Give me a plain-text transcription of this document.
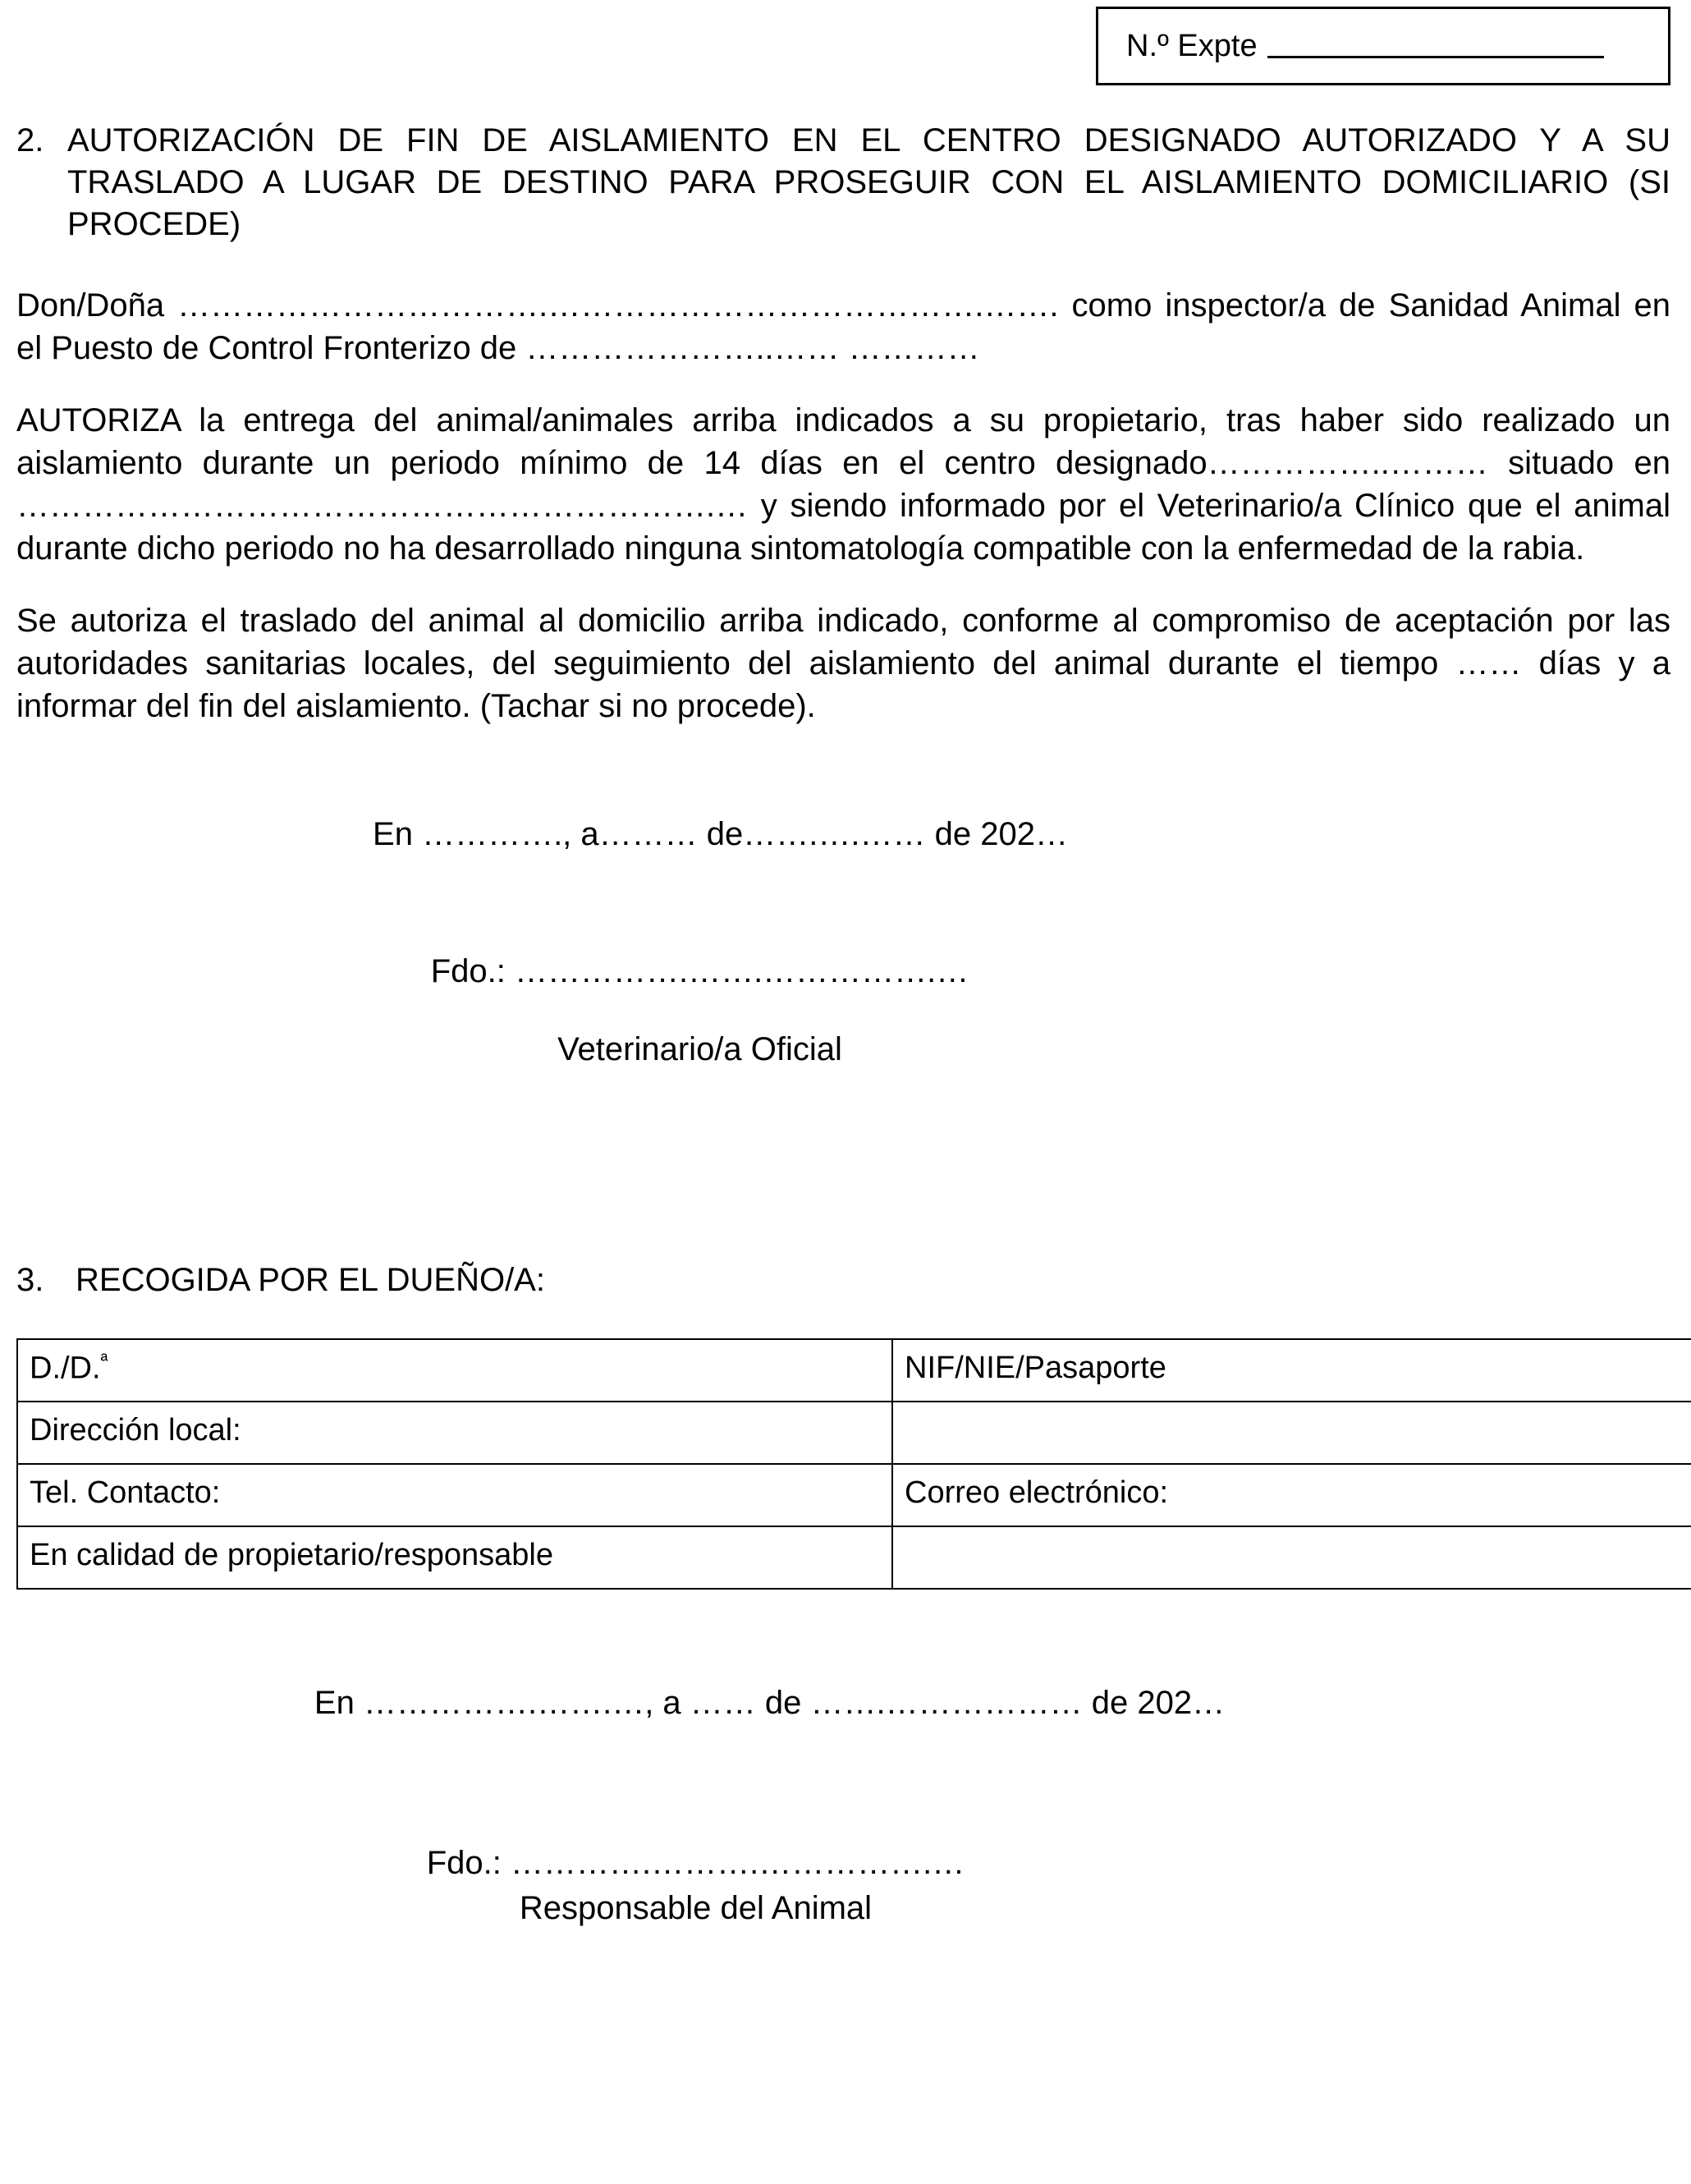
N.º Expte
2. AUTORIZACIÓN DE FIN DE AISLAMIENTO EN EL CENTRO DESIGNADO AUTORIZADO Y A SU TRASLADO A LUGAR DE DESTINO PARA PROSEGUIR CON EL AISLAMIENTO DOMICILIARIO (SI PROCEDE)

Don/Doña …………………………….………………………………….……. como inspector/a de Sanidad Animal en el Puesto de Control Fronterizo de …………………..…… …………

AUTORIZA la entrega del animal/animales arriba indicados a su propietario, tras haber sido realizado un aislamiento durante un periodo mínimo de 14 días en el centro designado……………..……… situado en ……………………………………………………….… y siendo informado por el Veterinario/a Clínico que el animal durante dicho periodo no ha desarrollado ninguna sintomatología compatible con la enfermedad de la rabia.

Se autoriza el traslado del animal al domicilio arriba indicado, conforme al compromiso de aceptación por las autoridades sanitarias locales, del seguimiento del aislamiento del animal durante el tiempo …… días y a informar del fin del aislamiento. (Tachar si no procede).

En …………., a……… de…….….…… de 202…
Fdo.: …………….…….…………….…
Veterinario/a Oficial
3. RECOGIDA POR EL DUEÑO/A:
D./D.$^ª$	NIF/NIE/Pasaporte
Dirección local:	
Tel. Contacto:	Correo electrónico:
En calidad de propietario/responsable	
En …………….…….…, a …… de …….……………… de 202…
Fdo.: ………….……….…………….…
Responsable del Animal
